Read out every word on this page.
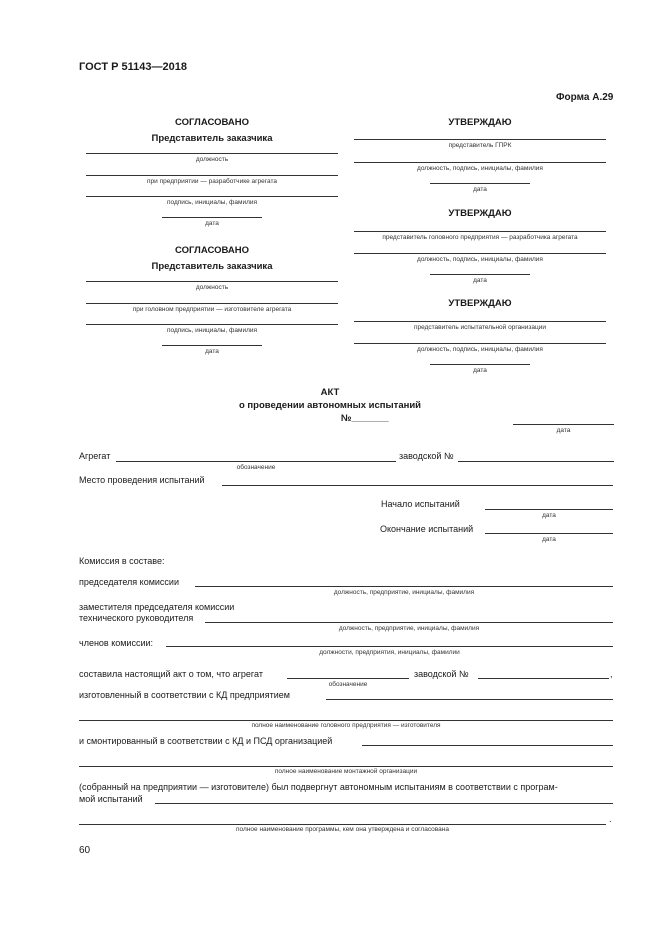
ГОСТ Р 51143—2018
Форма А.29
СОГЛАСОВАНО
Представитель заказчика
должность
при предприятии — разработчике агрегата
подпись, инициалы, фамилия
дата
СОГЛАСОВАНО
Представитель заказчика
должность
при головном предприятии — изготовителе агрегата
подпись, инициалы, фамилия
дата
УТВЕРЖДАЮ
представитель ГПРК
должность, подпись, инициалы, фамилия
дата
УТВЕРЖДАЮ
представитель головного предприятия — разработчика агрегата
должность, подпись, инициалы, фамилия
дата
УТВЕРЖДАЮ
представитель испытательной организации
должность, подпись, инициалы, фамилия
дата
АКТ
о проведении автономных испытаний
№_______
дата
Агрегат
обозначение
заводской №
Место проведения испытаний
Начало испытаний
дата
Окончание испытаний
дата
Комиссия в составе:
председателя комиссии
должность, предприятие, инициалы, фамилия
заместителя председателя комиссии
технического руководителя
должность, предприятие, инициалы, фамилия
членов комиссии:
должности, предприятия, инициалы, фамилии
составила настоящий акт о том, что агрегат
обозначение
заводской №	,
изготовленный в соответствии с КД предприятием
полное наименование головного предприятия — изготовителя
и смонтированный в соответствии с КД и ПСД организацией
полное наименование монтажной организации
(собранный на предприятии — изготовителе) был подвергнут автономным испытаниям в соответствии с програм-
мой испытаний
.
полное наименование программы, кем она утверждена и согласована
60
